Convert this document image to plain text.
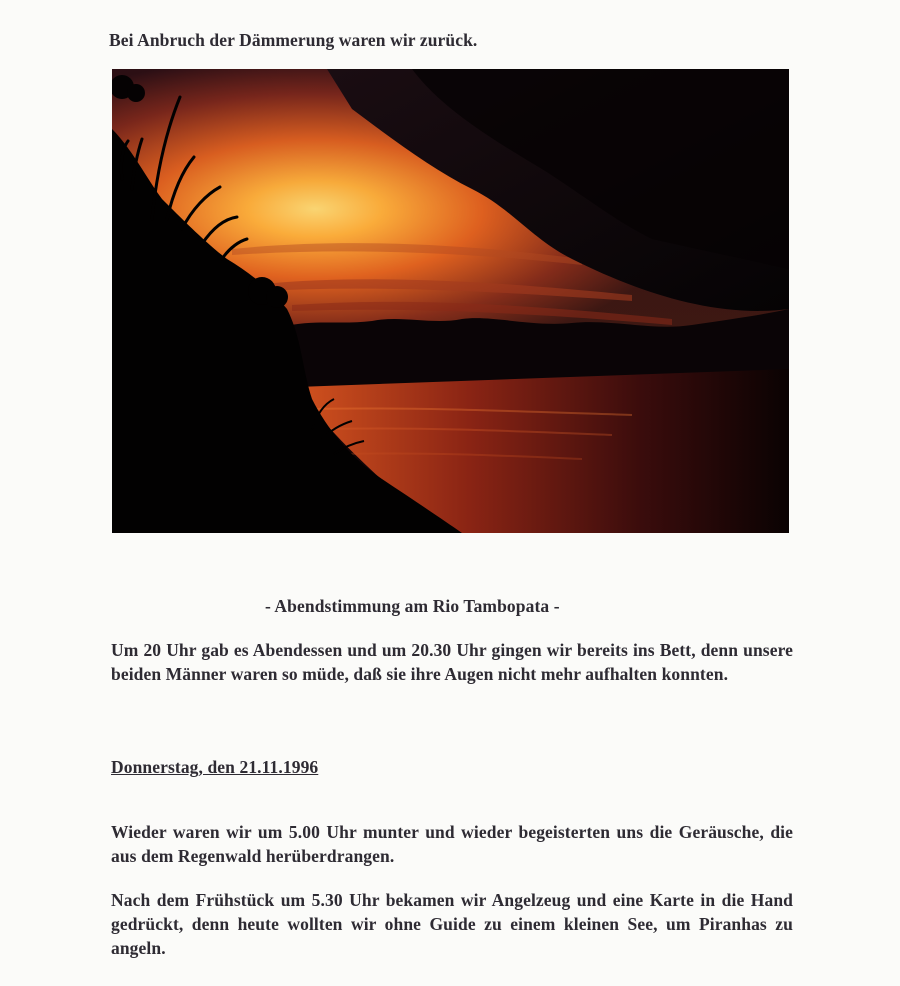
Bei Anbruch der Dämmerung waren wir zurück.

- Abendstimmung am Rio Tambopata -

Um 20 Uhr gab es Abendessen und um 20.30 Uhr gingen wir bereits ins Bett, denn unsere beiden Männer waren so müde, daß sie ihre Augen nicht mehr aufhalten konnten.

Donnerstag, den 21.11.1996

Wieder waren wir um 5.00 Uhr munter und wieder begeisterten uns die Geräusche, die aus dem Regenwald herüberdrangen.

Nach dem Frühstück um 5.30 Uhr bekamen wir Angelzeug und eine Karte in die Hand gedrückt, denn heute wollten wir ohne Guide zu einem kleinen See, um Piranhas zu angeln.
